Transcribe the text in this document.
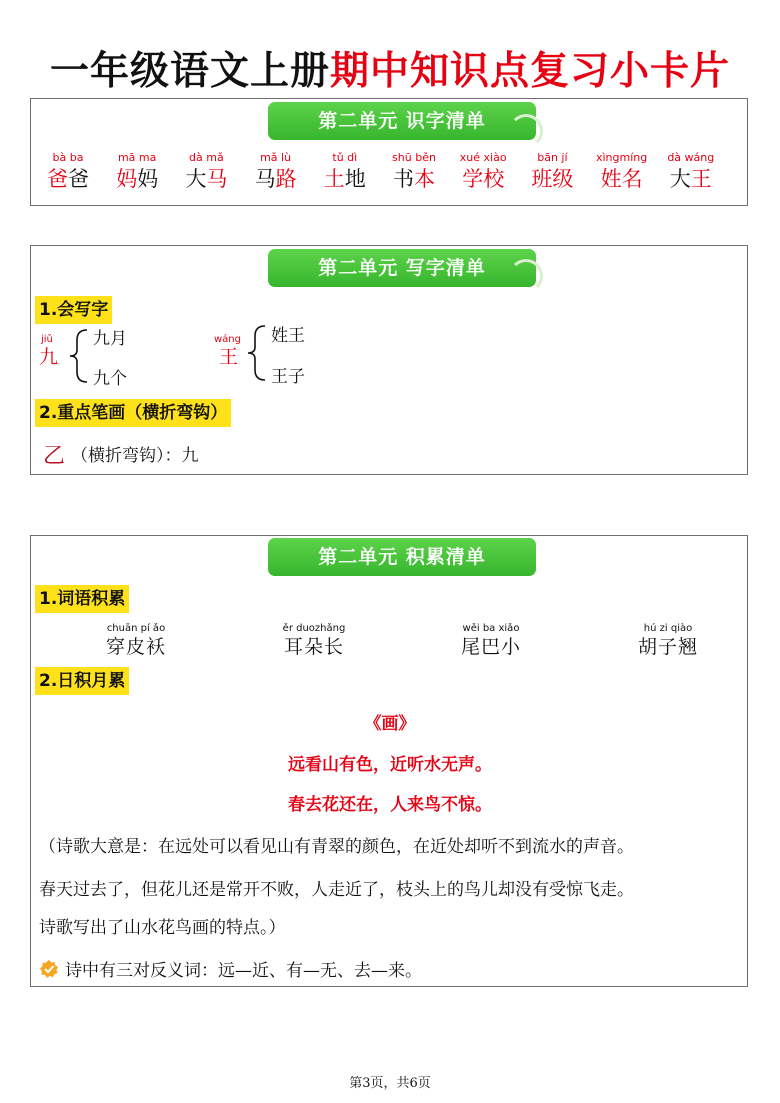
一年级语文上册期中知识点复习小卡片
第二单元 识字清单
bà ba
爸爸
mā ma
妈妈
dà mǎ
大马
mǎ lù
马路
tǔ dì
土地
shū běn
书本
xué xiào
学校
bān jí
班级
xìngmíng
姓名
dà wáng
大王
第二单元 写字清单
1.会写字
jiǔ
九
九月
九个
wáng
王
姓王
王子
2.重点笔画（横折弯钩）
乙 （横折弯钩）：九
第二单元 积累清单
1.词语积累
chuān pí ǎo
穿皮袄
ěr duozhǎng
耳朵长
wěi ba xiǎo
尾巴小
hú zi qiào
胡子翘
2.日积月累
《画》
远看山有色，近听水无声。
春去花还在，人来鸟不惊。
（诗歌大意是：在远处可以看见山有青翠的颜色，在近处却听不到流水的声音。
春天过去了，但花儿还是常开不败，人走近了，枝头上的鸟儿却没有受惊飞走。
诗歌写出了山水花鸟画的特点。）
诗中有三对反义词：远—近、有—无、去—来。
第3页，共6页
